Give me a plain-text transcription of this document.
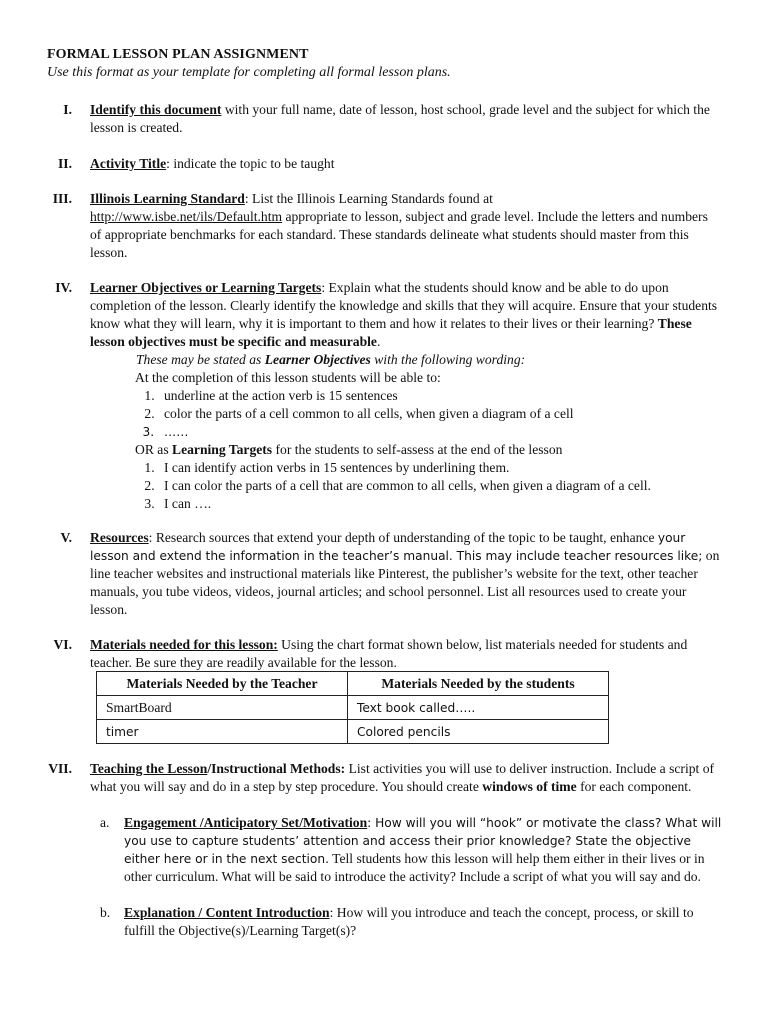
FORMAL LESSON PLAN ASSIGNMENT
Use this format as your template for completing all formal lesson plans.
I. Identify this document with your full name, date of lesson, host school, grade level and the subject for which the lesson is created.
II. Activity Title: indicate the topic to be taught
III. Illinois Learning Standard: List the Illinois Learning Standards found at
http://www.isbe.net/ils/Default.htm appropriate to lesson, subject and grade level. Include the letters and numbers of appropriate benchmarks for each standard. These standards delineate what students should master from this lesson.
IV. Learner Objectives or Learning Targets: Explain what the students should know and be able to do upon completion of the lesson. Clearly identify the knowledge and skills that they will acquire. Ensure that your students know what they will learn, why it is important to them and how it relates to their lives or their learning? These lesson objectives must be specific and measurable.

These may be stated as Learner Objectives with the following wording:

At the completion of this lesson students will be able to:

1. underline at the action verb is 15 sentences
2. color the parts of a cell common to all cells, when given a diagram of a cell
3. ……

OR as Learning Targets for the students to self-assess at the end of the lesson

1. I can identify action verbs in 15 sentences by underlining them.
2. I can color the parts of a cell that are common to all cells, when given a diagram of a cell.
3. I can ….
V. Resources: Research sources that extend your depth of understanding of the topic to be taught, enhance your lesson and extend the information in the teacher’s manual. This may include teacher resources like; on line teacher websites and instructional materials like Pinterest, the publisher’s website for the text, other teacher manuals, you tube videos, videos, journal articles; and school personnel. List all resources used to create your lesson.
VI. Materials needed for this lesson: Using the chart format shown below, list materials needed for students and teacher. Be sure they are readily available for the lesson.
Materials Needed by the Teacher	Materials Needed by the students
SmartBoard	Text book called…..
timer	Colored pencils
VII. Teaching the Lesson/Instructional Methods: List activities you will use to deliver instruction. Include a script of what you will say and do in a step by step procedure. You should create windows of time for each component.

a. Engagement /Anticipatory Set/Motivation: How will you will “hook” or motivate the class? What will you use to capture students’ attention and access their prior knowledge? State the objective either here or in the next section. Tell students how this lesson will help them either in their lives or in other curriculum. What will be said to introduce the activity? Include a script of what you will say and do.
b. Explanation / Content Introduction: How will you introduce and teach the concept, process, or skill to fulfill the Objective(s)/Learning Target(s)?
